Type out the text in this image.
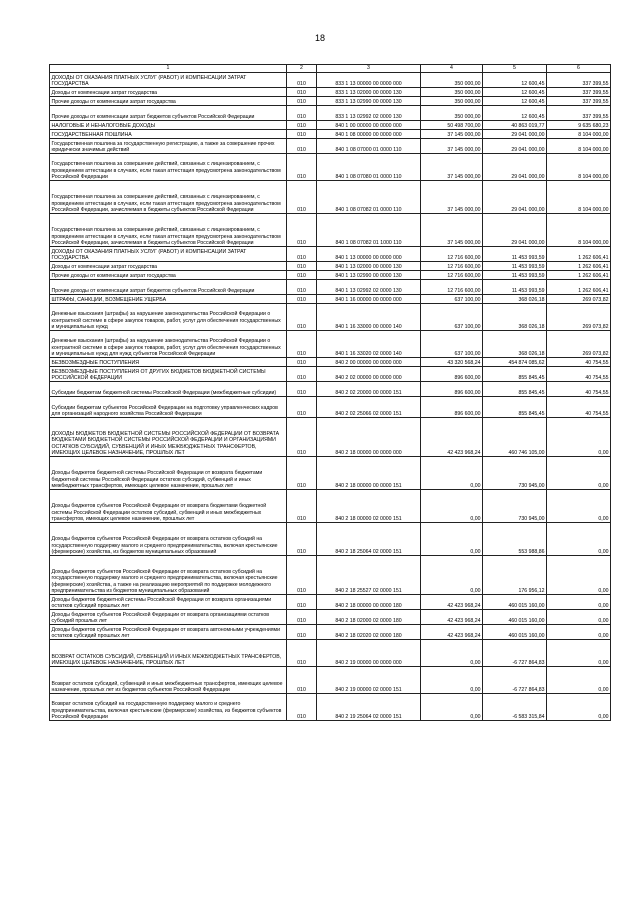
18
1	2	3	4	5	6
ДОХОДЫ ОТ ОКАЗАНИЯ ПЛАТНЫХ УСЛУГ (РАБОТ) И КОМПЕНСАЦИИ ЗАТРАТ ГОСУДАРСТВА	010	833 1 13 00000 00 0000 000	350 000,00	12 600,45	337 399,55
Доходы от компенсации затрат государства	010	833 1 13 02000 00 0000 130	350 000,00	12 600,45	337 399,55
Прочие доходы от компенсации затрат государства	010	833 1 13 02990 00 0000 130	350 000,00	12 600,45	337 399,55
Прочие доходы от компенсации затрат бюджетов субъектов Российской Федерации	010	833 1 13 02992 02 0000 130	350 000,00	12 600,45	337 399,55
НАЛОГОВЫЕ И НЕНАЛОГОВЫЕ ДОХОДЫ	010	840 1 00 00000 00 0000 000	50 498 700,00	40 863 019,77	9 635 680,23
ГОСУДАРСТВЕННАЯ ПОШЛИНА	010	840 1 08 00000 00 0000 000	37 145 000,00	29 041 000,00	8 104 000,00
Государственная пошлина за государственную регистрацию, а также за совершение прочих юридически значимых действий	010	840 1 08 07000 01 0000 110	37 145 000,00	29 041 000,00	8 104 000,00
Государственная пошлина за совершение действий, связанных с лицензированием, с проведением аттестации в случаях, если такая аттестация предусмотрена законодательством Российской Федерации	010	840 1 08 07080 01 0000 110	37 145 000,00	29 041 000,00	8 104 000,00
Государственная пошлина за совершение действий, связанных с лицензированием, с проведением аттестации в случаях, если такая аттестация предусмотрена законодательством Российской Федерации, зачисляемая в бюджеты субъектов Российской Федерации	010	840 1 08 07082 01 0000 110	37 145 000,00	29 041 000,00	8 104 000,00
Государственная пошлина за совершение действий, связанных с лицензированием, с проведением аттестации в случаях, если такая аттестация предусмотрена законодательством Российской Федерации, зачисляемая в бюджеты субъектов Российской Федерации	010	840 1 08 07082 01 1000 110	37 145 000,00	29 041 000,00	8 104 000,00
ДОХОДЫ ОТ ОКАЗАНИЯ ПЛАТНЫХ УСЛУГ (РАБОТ) И КОМПЕНСАЦИИ ЗАТРАТ ГОСУДАРСТВА	010	840 1 13 00000 00 0000 000	12 716 600,00	11 453 993,59	1 262 606,41
Доходы от компенсации затрат государства	010	840 1 13 02000 00 0000 130	12 716 600,00	11 453 993,59	1 262 606,41
Прочие доходы от компенсации затрат государства	010	840 1 13 02990 00 0000 130	12 716 600,00	11 453 993,59	1 262 606,41
Прочие доходы от компенсации затрат бюджетов субъектов Российской Федерации	010	840 1 13 02992 02 0000 130	12 716 600,00	11 453 993,59	1 262 606,41
ШТРАФЫ, САНКЦИИ, ВОЗМЕЩЕНИЕ УЩЕРБА	010	840 1 16 00000 00 0000 000	637 100,00	368 026,18	269 073,82
Денежные взыскания (штрафы) за нарушение законодательства Российской Федерации о контрактной системе в сфере закупок товаров, работ, услуг для обеспечения государственных и муниципальных нужд	010	840 1 16 33000 00 0000 140	637 100,00	368 026,18	269 073,82
Денежные взыскания (штрафы) за нарушение законодательства Российской Федерации о контрактной системе в сфере закупок товаров, работ, услуг для обеспечения государственных и муниципальных нужд для нужд субъектов Российской Федерации	010	840 1 16 33020 02 0000 140	637 100,00	368 026,18	269 073,82
БЕЗВОЗМЕЗДНЫЕ ПОСТУПЛЕНИЯ	010	840 2 00 00000 00 0000 000	43 320 568,24	454 874 085,62	40 754,55
БЕЗВОЗМЕЗДНЫЕ ПОСТУПЛЕНИЯ ОТ ДРУГИХ БЮДЖЕТОВ БЮДЖЕТНОЙ СИСТЕМЫ РОССИЙСКОЙ ФЕДЕРАЦИИ	010	840 2 02 00000 00 0000 000	896 600,00	855 845,45	40 754,55
Субсидии бюджетам бюджетной системы Российской Федерации (межбюджетные субсидии)	010	840 2 02 20000 00 0000 151	896 600,00	855 845,45	40 754,55
Субсидии бюджетам субъектов Российской Федерации на подготовку управленческих кадров для организаций народного хозяйства Российской Федерации	010	840 2 02 25066 02 0000 151	896 600,00	855 845,45	40 754,55
ДОХОДЫ БЮДЖЕТОВ БЮДЖЕТНОЙ СИСТЕМЫ РОССИЙСКОЙ ФЕДЕРАЦИИ ОТ ВОЗВРАТА БЮДЖЕТАМИ БЮДЖЕТНОЙ СИСТЕМЫ РОССИЙСКОЙ ФЕДЕРАЦИИ И ОРГАНИЗАЦИЯМИ ОСТАТКОВ СУБСИДИЙ, СУБВЕНЦИЙ И ИНЫХ МЕЖБЮДЖЕТНЫХ ТРАНСФЕРТОВ, ИМЕЮЩИХ ЦЕЛЕВОЕ НАЗНАЧЕНИЕ, ПРОШЛЫХ ЛЕТ	010	840 2 18 00000 00 0000 000	42 423 968,24	460 746 105,00	0,00
Доходы бюджетов бюджетной системы Российской Федерации от возврата бюджетами бюджетной системы Российской Федерации остатков субсидий, субвенций и иных межбюджетных трансфертов, имеющих целевое назначение, прошлых лет	010	840 2 18 00000 00 0000 151	0,00	730 945,00	0,00
Доходы бюджетов субъектов Российской Федерации от возврата бюджетами бюджетной системы Российской Федерации остатков субсидий, субвенций и иных межбюджетных трансфертов, имеющих целевое назначение, прошлых лет	010	840 2 18 00000 02 0000 151	0,00	730 945,00	0,00
Доходы бюджетов субъектов Российской Федерации от возврата остатков субсидий на государственную поддержку малого и среднего предпринимательства, включая крестьянские (фермерские) хозяйства, из бюджетов муниципальных образований	010	840 2 18 25064 02 0000 151	0,00	553 988,86	0,00
Доходы бюджетов субъектов Российской Федерации от возврата остатков субсидий на государственную поддержку малого и среднего предпринимательства, включая крестьянские (фермерские) хозяйства, а также на реализацию мероприятий по поддержке молодежного предпринимательства из бюджетов муниципальных образований	010	840 2 18 25527 02 0000 151	0,00	176 956,12	0,00
Доходы бюджетов бюджетной системы Российской Федерации от возврата организациями остатков субсидий прошлых лет	010	840 2 18 00000 00 0000 180	42 423 968,24	460 015 160,00	0,00
Доходы бюджетов субъектов Российской Федерации от возврата организациями остатков субсидий прошлых лет	010	840 2 18 02000 02 0000 180	42 423 968,24	460 015 160,00	0,00
Доходы бюджетов субъектов Российской Федерации от возврата автономными учреждениями остатков субсидий прошлых лет	010	840 2 18 02020 02 0000 180	42 423 968,24	460 015 160,00	0,00
ВОЗВРАТ ОСТАТКОВ СУБСИДИЙ, СУБВЕНЦИЙ И ИНЫХ МЕЖБЮДЖЕТНЫХ ТРАНСФЕРТОВ, ИМЕЮЩИХ ЦЕЛЕВОЕ НАЗНАЧЕНИЕ, ПРОШЛЫХ ЛЕТ	010	840 2 19 00000 00 0000 000	0,00	-6 727 864,83	0,00
Возврат остатков субсидий, субвенций и иных межбюджетных трансфертов, имеющих целевое назначение, прошлых лет из бюджетов субъектов Российской Федерации	010	840 2 19 00000 02 0000 151	0,00	-6 727 864,83	0,00
Возврат остатков субсидий на государственную поддержку малого и среднего предпринимательства, включая крестьянские (фермерские) хозяйства, из бюджетов субъектов Российской Федерации	010	840 2 19 25064 02 0000 151	0,00	-6 583 315,84	0,00
